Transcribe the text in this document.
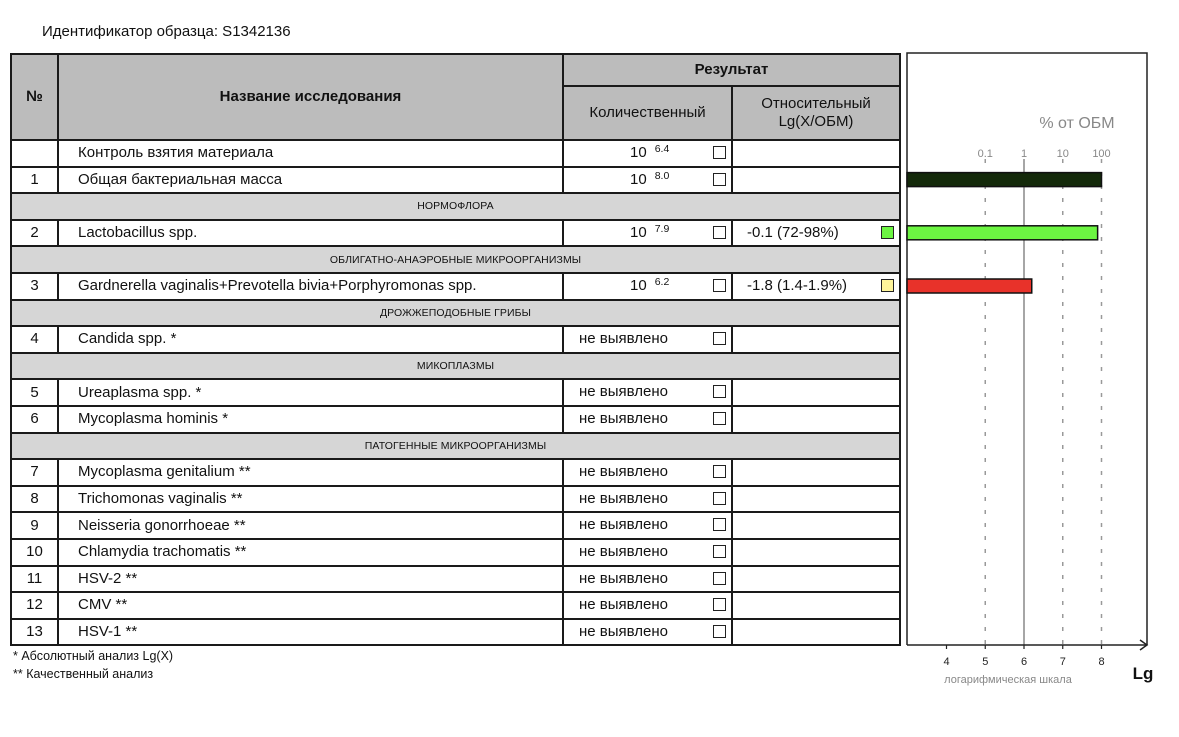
Идентификатор образца: S1342136
№	Название исследования	Результат	
		Количественный	Относительный
Lg(X/ОБМ)

	Контроль взятия материала	10 $^{6.4}$

1	Общая бактериальная масса	10 $^{8.0}$

НОРМОФЛОРА			
2	Lactobacillus spp.	10 $^{7.9}$	-0.1 (72-98%)

ОБЛИГАТНО-АНАЭРОБНЫЕ МИКРООРГАНИЗМЫ			
3	Gardnerella vaginalis+Prevotella bivia+Porphyromonas spp.	10 $^{6.2}$	-1.8 (1.4-1.9%)

ДРОЖЖЕПОДОБНЫЕ ГРИБЫ			
4	Candida spp. *	не выявлено	

МИКОПЛАЗМЫ			
5	Ureaplasma spp. *	не выявлено	

6	Mycoplasma hominis *	не выявлено	

ПАТОГЕННЫЕ МИКРООРГАНИЗМЫ			
7	Mycoplasma genitalium **	не выявлено	

8	Trichomonas vaginalis **	не выявлено	

9	Neisseria gonorrhoeae **	не выявлено	

10	Chlamydia trachomatis **	не выявлено	

11	HSV-2 **	не выявлено	

12	CMV **	не выявлено	

13	HSV-1 **	не выявлено	

* Абсолютный анализ Lg(X)
** Качественный анализ
4	5	6	7	8
0.1	1	10 100
% от ОБМ
Lg
логарифмическая шкала
